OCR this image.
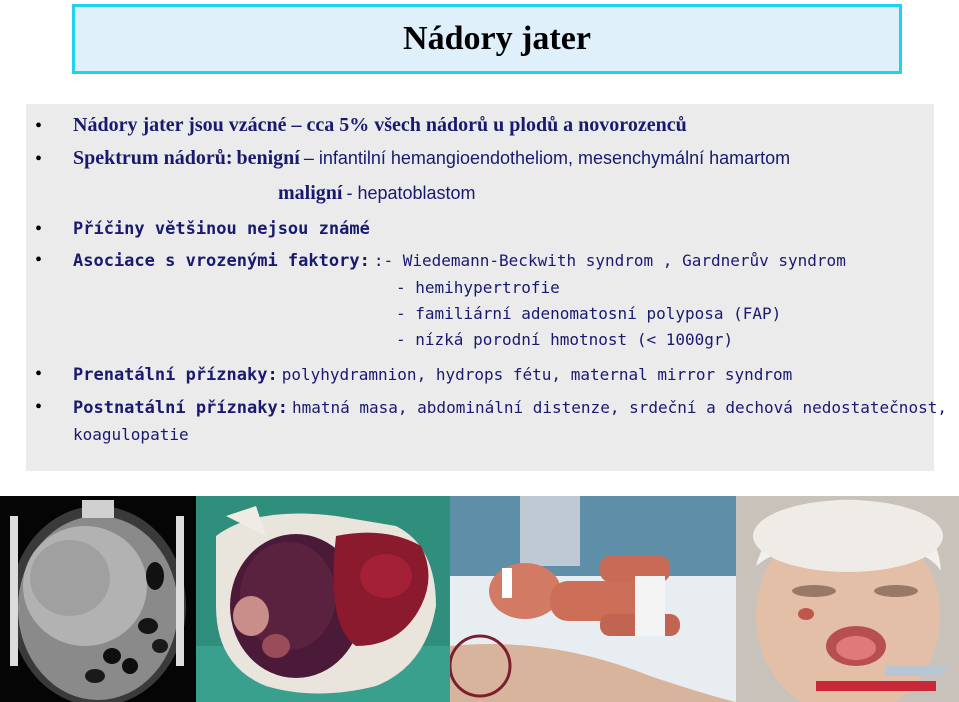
Nádory jater
• Nádory jater jsou vzácné – cca 5% všech nádorů u plodů a novorozenců
• Spektrum nádorů: benigní – infantilní hemangioendotheliom, mesenchymální hamartom
maligní - hepatoblastom
• Příčiny většinou nejsou známé
• Asociace s vrozenými faktory: :- Wiedemann-Beckwith syndrom , Gardnerův syndrom
- hemihypertrofie
- familiární adenomatosní polyposa (FAP)
- nízká porodní hmotnost (< 1000gr)
• Prenatální příznaky: polyhydramnion, hydrops fétu, maternal mirror syndrom
• Postnatální příznaky: hmatná masa, abdominální distenze, srdeční a dechová nedostatečnost,
koagulopatie
